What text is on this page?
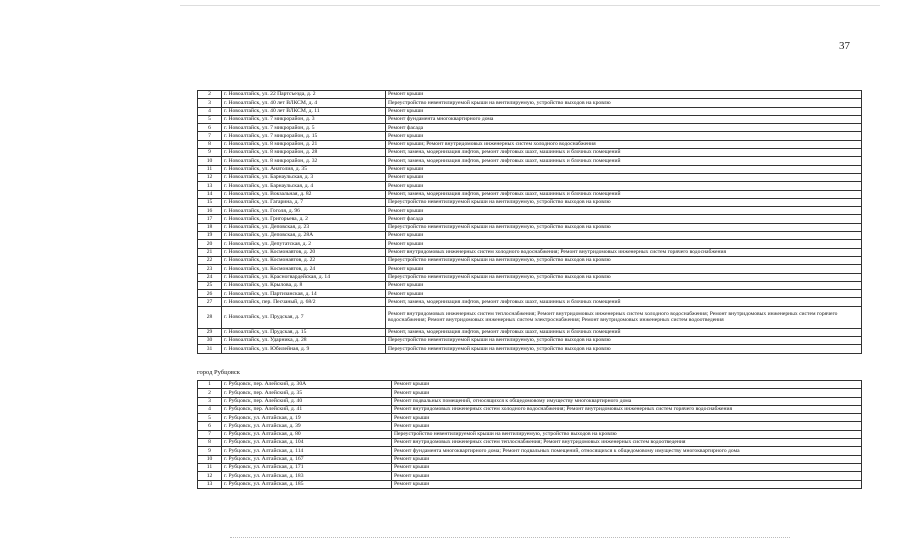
37
2	г. Новоалтайск, ул. 22 Партсъезда, д. 2	Ремонт крыши
3	г. Новоалтайск, ул. 40 лет ВЛКСМ, д. 4	Переустройство невентилируемой крыши на вентилируемую, устройство выходов на кровлю
4	г. Новоалтайск, ул. 40 лет ВЛКСМ, д. 11	Ремонт крыши
5	г. Новоалтайск, ул. 7 микрорайон, д. 3	Ремонт фундамента многоквартирного дома
6	г. Новоалтайск, ул. 7 микрорайон, д. 5	Ремонт фасада
7	г. Новоалтайск, ул. 7 микрорайон, д. 15	Ремонт крыши
8	г. Новоалтайск, ул. 8 микрорайон, д. 21	Ремонт крыши; Ремонт внутридомовых инженерных систем холодного водоснабжения
9	г. Новоалтайск, ул. 8 микрорайон, д. 28	Ремонт, замена, модернизация лифтов, ремонт лифтовых шахт, машинных и блочных помещений
10	г. Новоалтайск, ул. 8 микрорайон, д. 32	Ремонт, замена, модернизация лифтов, ремонт лифтовых шахт, машинных и блочных помещений
11	г. Новоалтайск, ул. Анатолия, д. 35	Ремонт крыши
12	г. Новоалтайск, ул. Барнаульская, д. 3	Ремонт крыши
13	г. Новоалтайск, ул. Барнаульская, д. 4	Ремонт крыши
14	г. Новоалтайск, ул. Вокзальная, д. 82	Ремонт, замена, модернизация лифтов, ремонт лифтовых шахт, машинных и блочных помещений
15	г. Новоалтайск, ул. Гагарина, д. 7	Переустройство невентилируемой крыши на вентилируемую, устройство выходов на кровлю
16	г. Новоалтайск, ул. Гоголя, д. 96	Ремонт крыши
17	г. Новоалтайск, ул. Григорьева, д. 2	Ремонт фасада
18	г. Новоалтайск, ул. Деповская, д. 23	Переустройство невентилируемой крыши на вентилируемую, устройство выходов на кровлю
19	г. Новоалтайск, ул. Деповская, д. 28А	Ремонт крыши
20	г. Новоалтайск, ул. Депутатская, д. 2	Ремонт крыши
21	г. Новоалтайск, ул. Космонавтов, д. 20	Ремонт внутридомовых инженерных систем холодного водоснабжения; Ремонт внутридомовых инженерных систем горячего водоснабжения
22	г. Новоалтайск, ул. Космонавтов, д. 22	Переустройство невентилируемой крыши на вентилируемую, устройство выходов на кровлю
23	г. Новоалтайск, ул. Космонавтов, д. 24	Ремонт крыши
24	г. Новоалтайск, ул. Красногвардейская, д. 14	Переустройство невентилируемой крыши на вентилируемую, устройство выходов на кровлю
25	г. Новоалтайск, ул. Крылова, д. 8	Ремонт крыши
26	г. Новоалтайск, ул. Партизанская, д. 14	Ремонт крыши
27	г. Новоалтайск, пер. Песчаный, д. 68/2	Ремонт, замена, модернизация лифтов, ремонт лифтовых шахт, машинных и блочных помещений
28	г. Новоалтайск, ул. Прудская, д. 7	Ремонт внутридомовых инженерных систем теплоснабжения; Ремонт внутридомовых инженерных систем холодного водоснабжения; Ремонт внутридомовых инженерных систем горячего водоснабжения; Ремонт внутридомовых инженерных систем электроснабжения; Ремонт внутридомовых инженерных систем водоотведения
29	г. Новоалтайск, ул. Прудская, д. 15	Ремонт, замена, модернизация лифтов, ремонт лифтовых шахт, машинных и блочных помещений
30	г. Новоалтайск, ул. Ударника, д. 28	Переустройство невентилируемой крыши на вентилируемую, устройство выходов на кровлю
31	г. Новоалтайск, ул. Юбилейная, д. 9	Переустройство невентилируемой крыши на вентилируемую, устройство выходов на кровлю
город Рубцовск
1	г. Рубцовск, пер. Алейский, д. 30А	Ремонт крыши
2	г. Рубцовск, пер. Алейский, д. 35	Ремонт крыши
3	г. Рубцовск, пер. Алейский, д. 40	Ремонт подвальных помещений, относящихся к общедомовому имуществу многоквартирного дома
4	г. Рубцовск, пер. Алейский, д. 41	Ремонт внутридомовых инженерных систем холодного водоснабжения; Ремонт внутридомовых инженерных систем горячего водоснабжения
5	г. Рубцовск, ул. Алтайская, д. 19	Ремонт крыши
6	г. Рубцовск, ул. Алтайская, д. 39	Ремонт крыши
7	г. Рубцовск, ул. Алтайская, д. 80	Переустройство невентилируемой крыши на вентилируемую, устройство выходов на кровлю
8	г. Рубцовск, ул. Алтайская, д. 104	Ремонт внутридомовых инженерных систем теплоснабжения; Ремонт внутридомовых инженерных систем водоотведения
9	г. Рубцовск, ул. Алтайская, д. 114	Ремонт фундамента многоквартирного дома; Ремонт подвальных помещений, относящихся к общедомовому имуществу многоквартирного дома
10	г. Рубцовск, ул. Алтайская, д. 167	Ремонт крыши
11	г. Рубцовск, ул. Алтайская, д. 171	Ремонт крыши
12	г. Рубцовск, ул. Алтайская, д. 183	Ремонт крыши
13	г. Рубцовск, ул. Алтайская, д. 185	Ремонт крыши
